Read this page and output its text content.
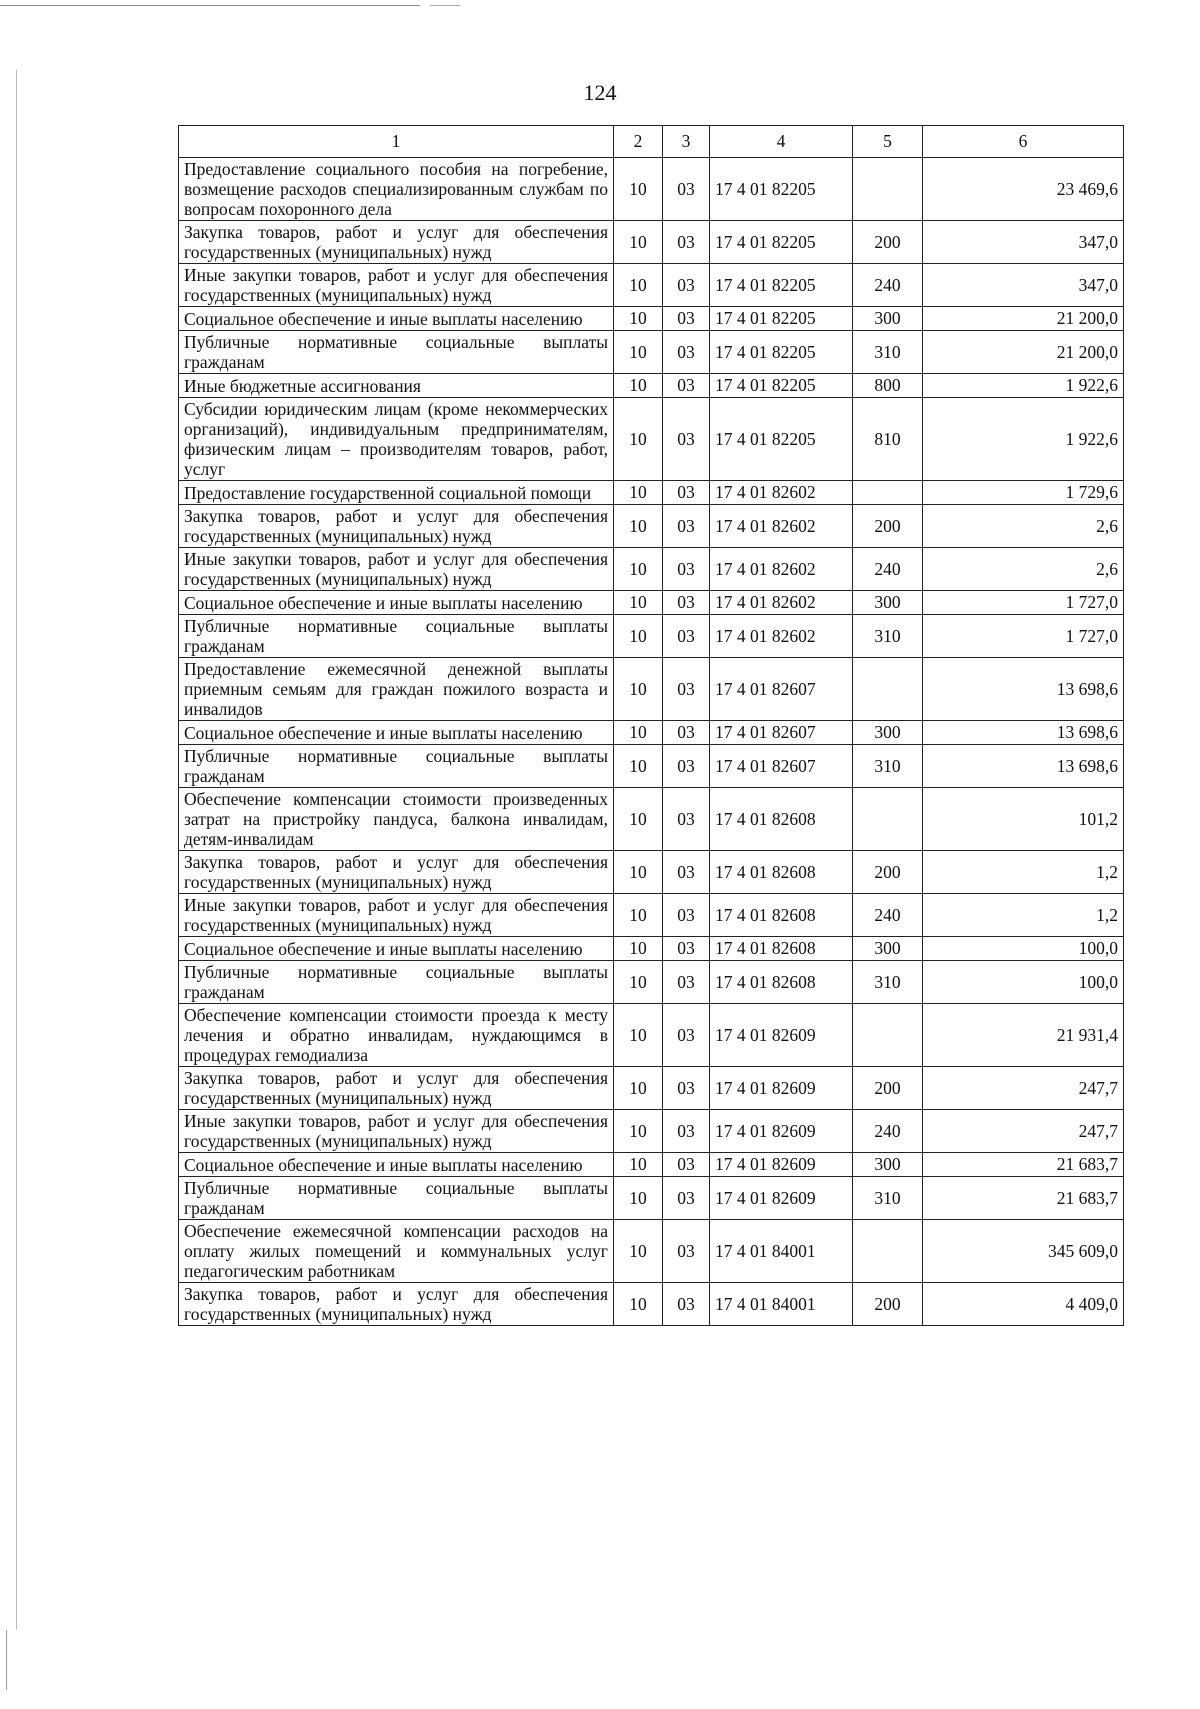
124
1	2	3	4	5	6
Предоставление социального пособия на погребение, возмещение расходов специализированным службам по вопросам похоронного дела	10	03	17 4 01 82205		23 469,6
Закупка товаров, работ и услуг для обеспечения государственных (муниципальных) нужд	10	03	17 4 01 82205	200	347,0
Иные закупки товаров, работ и услуг для обеспечения государственных (муниципальных) нужд	10	03	17 4 01 82205	240	347,0
Социальное обеспечение и иные выплаты населению	10	03	17 4 01 82205	300	21 200,0
Публичные нормативные социальные выплаты гражданам	10	03	17 4 01 82205	310	21 200,0
Иные бюджетные ассигнования	10	03	17 4 01 82205	800	1 922,6
Субсидии юридическим лицам (кроме некоммерческих организаций), индивидуальным предпринимателям, физическим лицам – производителям товаров, работ, услуг	10	03	17 4 01 82205	810	1 922,6
Предоставление государственной социальной помощи	10	03	17 4 01 82602		1 729,6
Закупка товаров, работ и услуг для обеспечения государственных (муниципальных) нужд	10	03	17 4 01 82602	200	2,6
Иные закупки товаров, работ и услуг для обеспечения государственных (муниципальных) нужд	10	03	17 4 01 82602	240	2,6
Социальное обеспечение и иные выплаты населению	10	03	17 4 01 82602	300	1 727,0
Публичные нормативные социальные выплаты гражданам	10	03	17 4 01 82602	310	1 727,0
Предоставление ежемесячной денежной выплаты приемным семьям для граждан пожилого возраста и инвалидов	10	03	17 4 01 82607		13 698,6
Социальное обеспечение и иные выплаты населению	10	03	17 4 01 82607	300	13 698,6
Публичные нормативные социальные выплаты гражданам	10	03	17 4 01 82607	310	13 698,6
Обеспечение компенсации стоимости произведенных затрат на пристройку пандуса, балкона инвалидам, детям-инвалидам	10	03	17 4 01 82608		101,2
Закупка товаров, работ и услуг для обеспечения государственных (муниципальных) нужд	10	03	17 4 01 82608	200	1,2
Иные закупки товаров, работ и услуг для обеспечения государственных (муниципальных) нужд	10	03	17 4 01 82608	240	1,2
Социальное обеспечение и иные выплаты населению	10	03	17 4 01 82608	300	100,0
Публичные нормативные социальные выплаты гражданам	10	03	17 4 01 82608	310	100,0
Обеспечение компенсации стоимости проезда к месту лечения и обратно инвалидам, нуждающимся в процедурах гемодиализа	10	03	17 4 01 82609		21 931,4
Закупка товаров, работ и услуг для обеспечения государственных (муниципальных) нужд	10	03	17 4 01 82609	200	247,7
Иные закупки товаров, работ и услуг для обеспечения государственных (муниципальных) нужд	10	03	17 4 01 82609	240	247,7
Социальное обеспечение и иные выплаты населению	10	03	17 4 01 82609	300	21 683,7
Публичные нормативные социальные выплаты гражданам	10	03	17 4 01 82609	310	21 683,7
Обеспечение ежемесячной компенсации расходов на оплату жилых помещений и коммунальных услуг педагогическим работникам	10	03	17 4 01 84001		345 609,0
Закупка товаров, работ и услуг для обеспечения государственных (муниципальных) нужд	10	03	17 4 01 84001	200	4 409,0
